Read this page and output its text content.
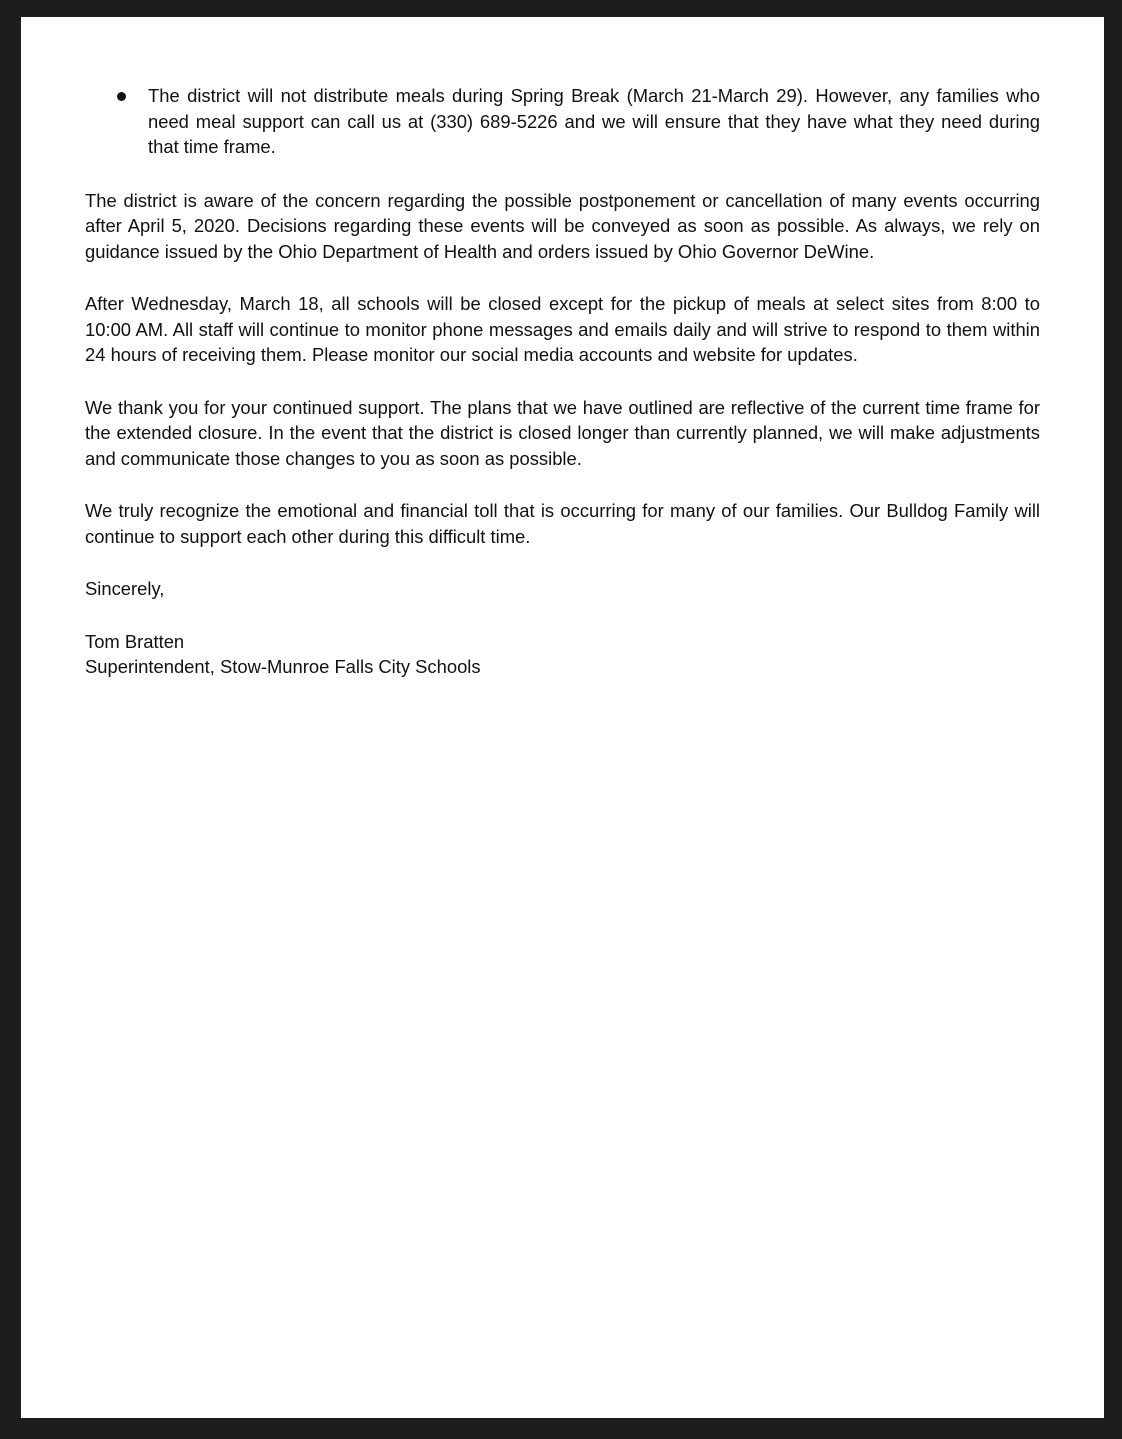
The district will not distribute meals during Spring Break (March 21-March 29). However, any families who need meal support can call us at (330) 689-5226 and we will ensure that they have what they need during that time frame.

The district is aware of the concern regarding the possible postponement or cancellation of many events occurring after April 5, 2020. Decisions regarding these events will be conveyed as soon as possible. As always, we rely on guidance issued by the Ohio Department of Health and orders issued by Ohio Governor DeWine.

After Wednesday, March 18, all schools will be closed except for the pickup of meals at select sites from 8:00 to 10:00 AM. All staff will continue to monitor phone messages and emails daily and will strive to respond to them within 24 hours of receiving them. Please monitor our social media accounts and website for updates.

We thank you for your continued support. The plans that we have outlined are reflective of the current time frame for the extended closure. In the event that the district is closed longer than currently planned, we will make adjustments and communicate those changes to you as soon as possible.

We truly recognize the emotional and financial toll that is occurring for many of our families. Our Bulldog Family will continue to support each other during this difficult time.

Sincerely,

Tom Bratten
Superintendent, Stow-Munroe Falls City Schools
